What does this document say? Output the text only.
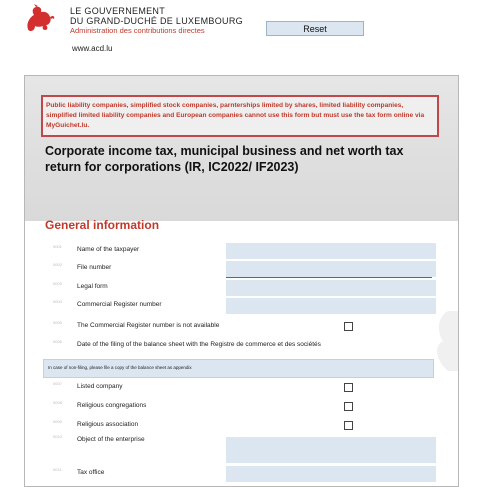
LE GOUVERNEMENT
DU GRAND-DUCHÉ DE LUXEMBOURG
Administration des contributions directes
www.acd.lu
Reset
Public liability companies, simplified stock companies, parnterships limited by shares, limited liability companies, simplified limited liability companies and European companies cannot use this form but must use the tax form online via MyGuichet.lu.
Corporate income tax, municipal business and net worth tax return for corporations (IR, IC2022/ IF2023)
General information
0001 Name of the taxpayer
0002 File number
0003 Legal form
0004 Commercial Register number
0005 The Commercial Register number is not available
0006 Date of the filing of the balance sheet with the Registre de commerce et des sociétés
In case of non-filing, please file a copy of the balance sheet as appendix
0007 Listed company
0008 Religious congregations
0009 Religious association
0010 Object of the enterprise
0011 Tax office
